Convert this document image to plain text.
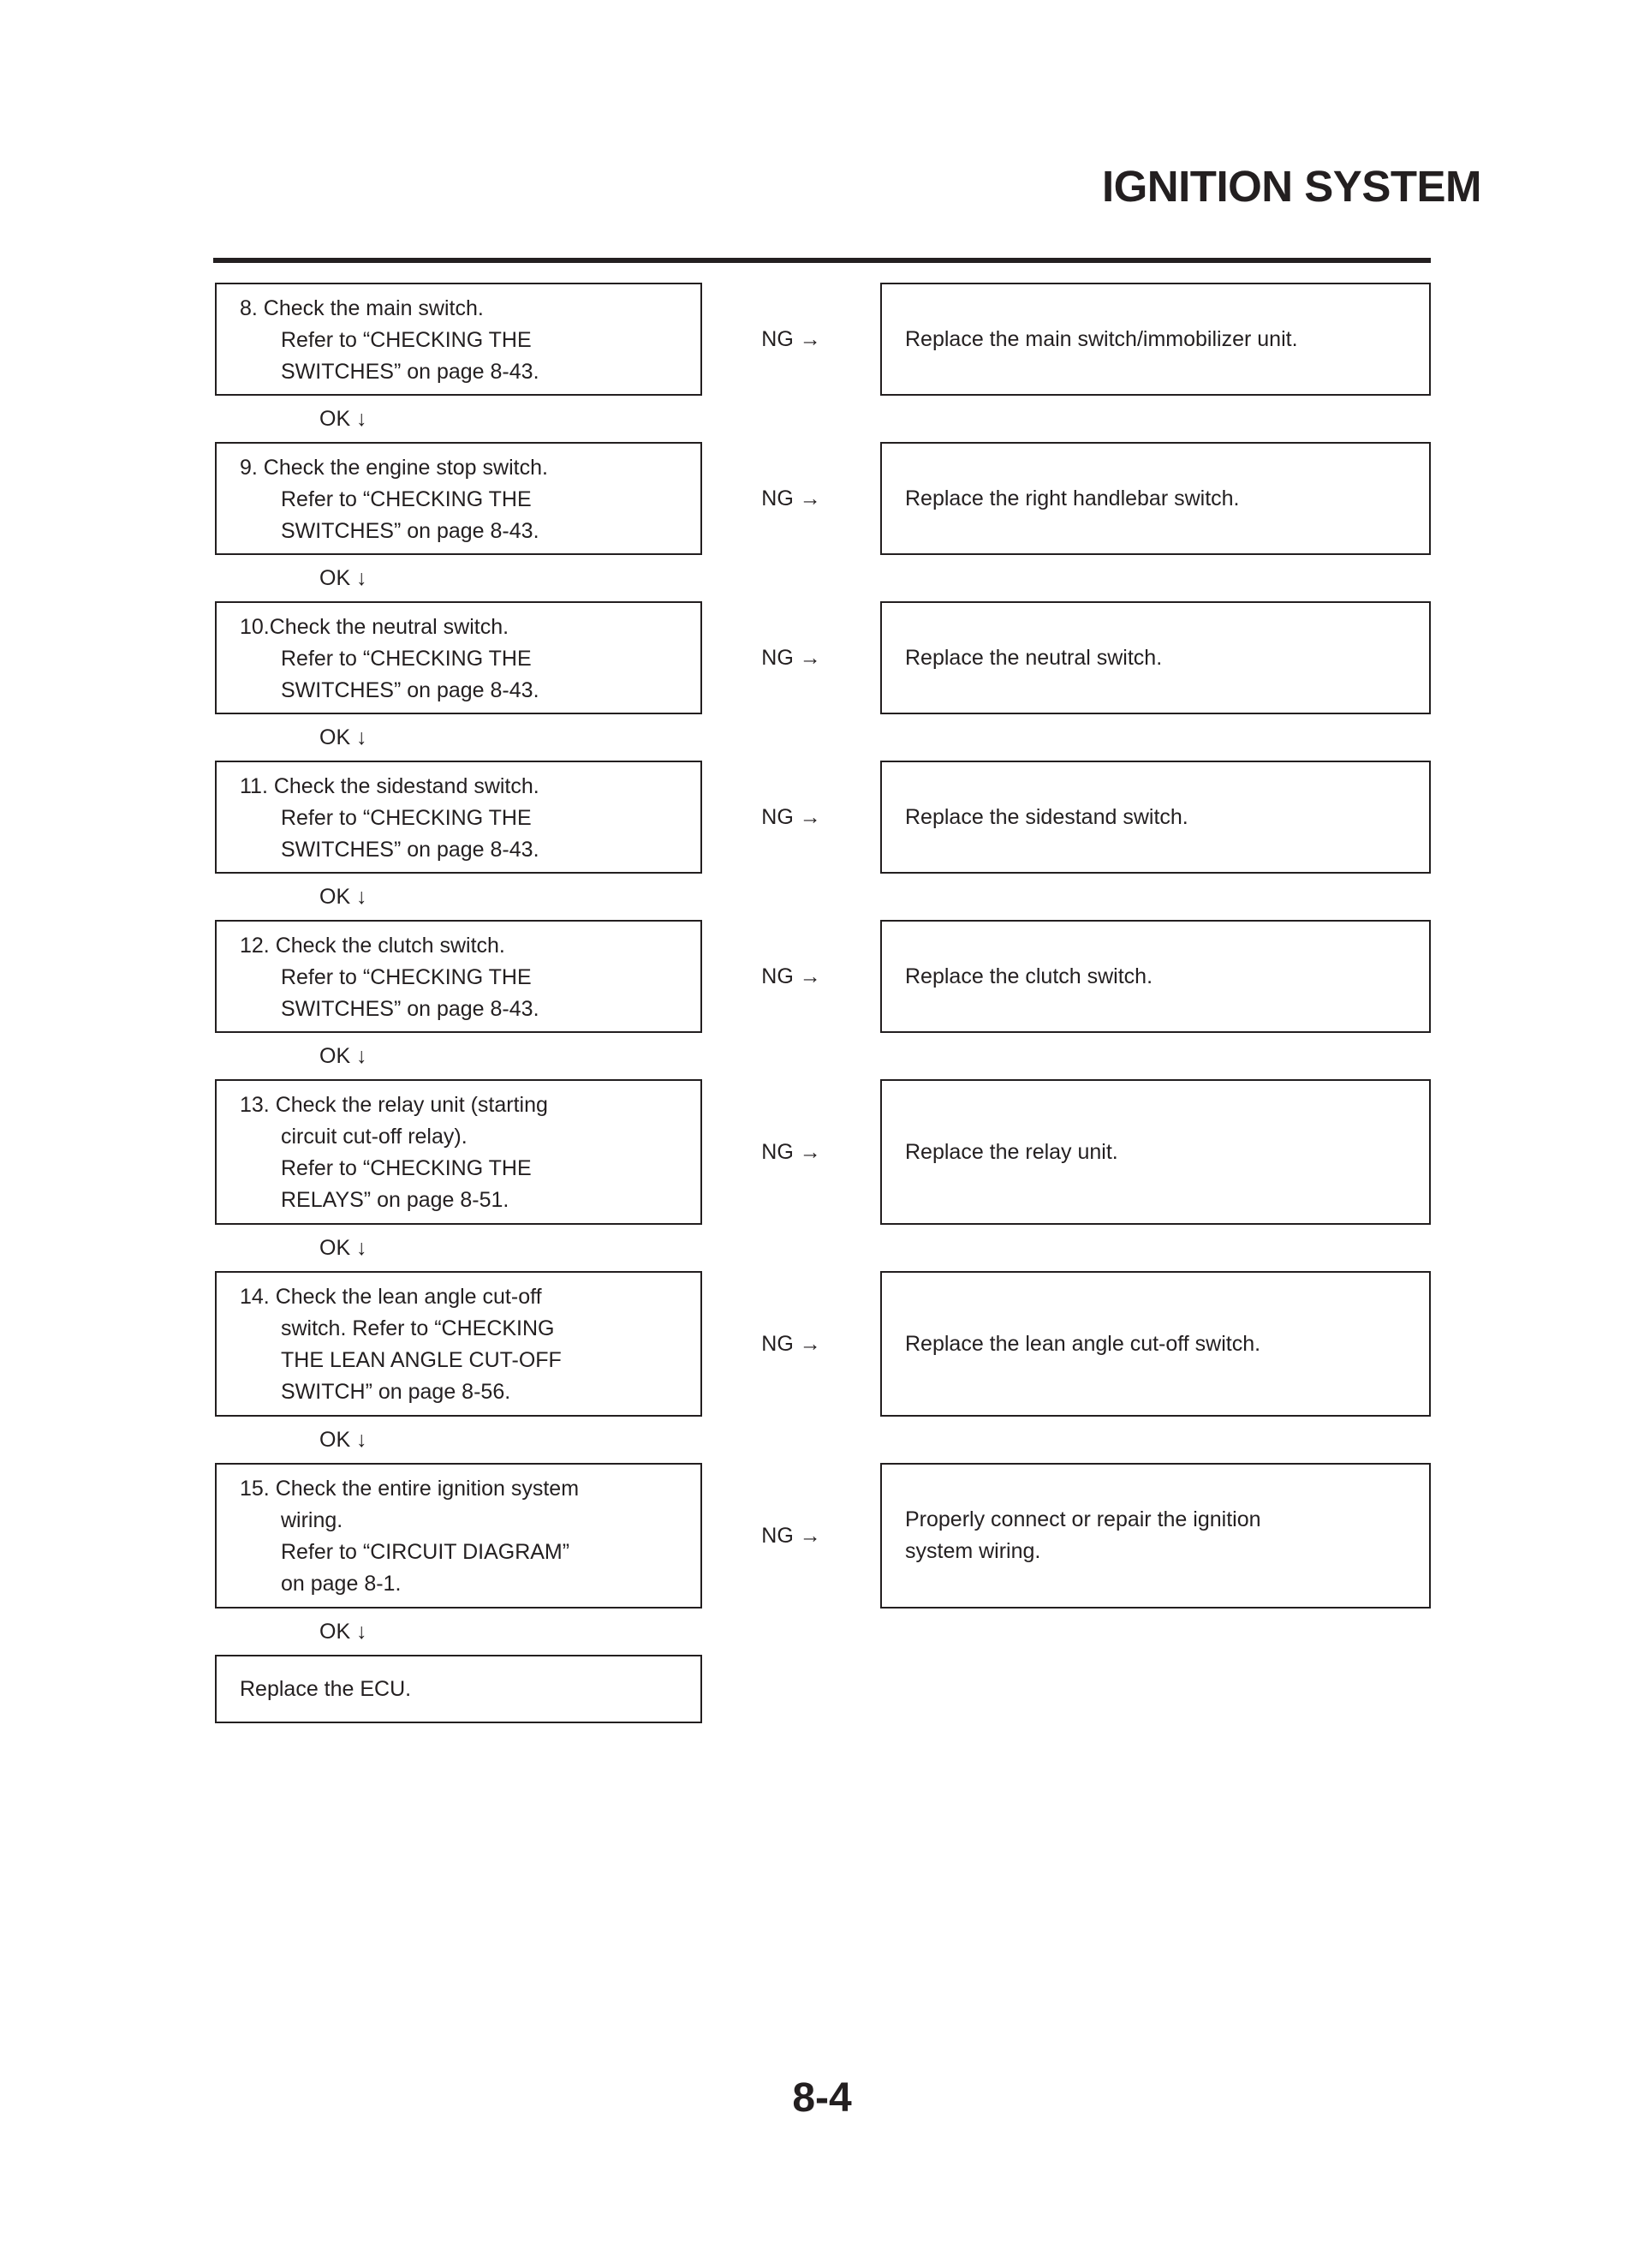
IGNITION SYSTEM
8. Check the main switch.
Refer to “CHECKING THE
SWITCHES” on page 8-43.
NG →	Replace the main switch/immobilizer unit.
OK ↓
9. Check the engine stop switch.
Refer to “CHECKING THE
SWITCHES” on page 8-43.
NG →	Replace the right handlebar switch.
OK ↓
10.Check the neutral switch.
Refer to “CHECKING THE
SWITCHES” on page 8-43.
NG →	Replace the neutral switch.
OK ↓
11. Check the sidestand switch.
Refer to “CHECKING THE
SWITCHES” on page 8-43.
NG →	Replace the sidestand switch.
OK ↓
12. Check the clutch switch.
Refer to “CHECKING THE
SWITCHES” on page 8-43.
NG →	Replace the clutch switch.
OK ↓
13. Check the relay unit (starting
circuit cut-off relay).
Refer to “CHECKING THE
RELAYS” on page 8-51.
NG →	Replace the relay unit.
OK ↓
14. Check the lean angle cut-off
switch. Refer to “CHECKING
THE LEAN ANGLE CUT-OFF
SWITCH” on page 8-56.
NG →	Replace the lean angle cut-off switch.
OK ↓
15. Check the entire ignition system
wiring.
Refer to “CIRCUIT DIAGRAM”
on page 8-1.
NG →
Properly connect or repair the ignition
system wiring.
OK ↓
Replace the ECU.
8-4
